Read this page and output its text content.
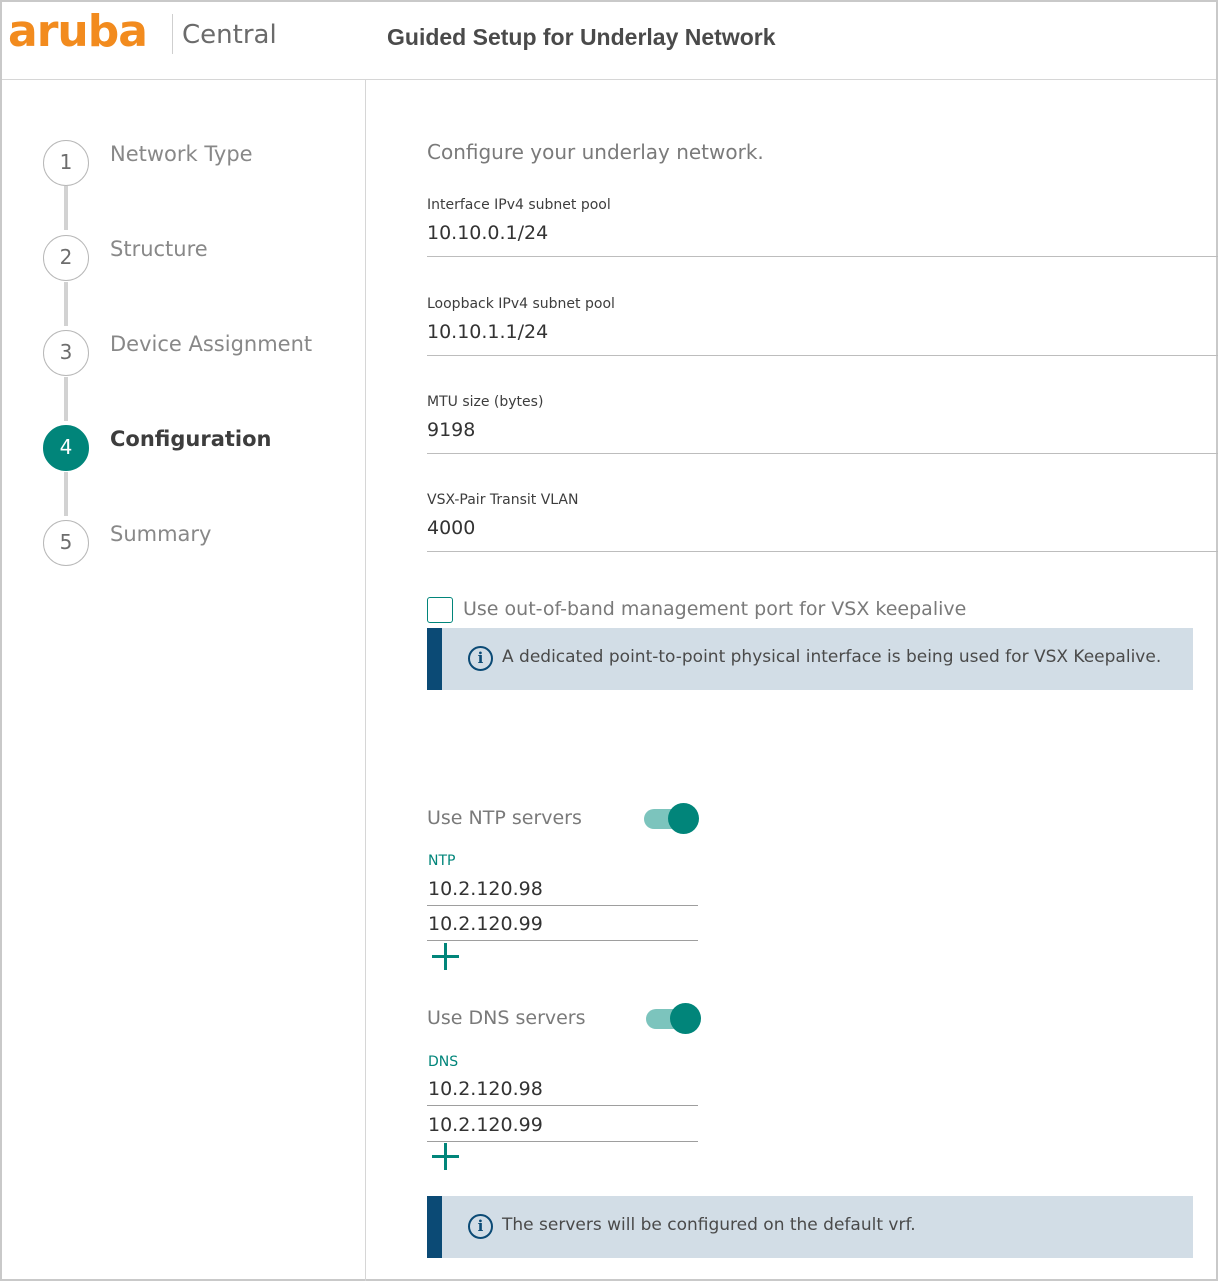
aruba Central	Guided Setup for Underlay Network
1	Network Type
2	Structure
3	Device Assignment
4	Configuration
5	Summary
Configure your underlay network.
Interface IPv4 subnet pool
10.10.0.1/24
Loopback IPv4 subnet pool
10.10.1.1/24
MTU size (bytes)
9198
VSX-Pair Transit VLAN
4000
Use out-of-band management port for VSX keepalive
i	A dedicated point-to-point physical interface is being used for VSX Keepalive.
Use NTP servers
NTP
10.2.120.98
10.2.120.99
Use DNS servers
DNS
10.2.120.98
10.2.120.99
i	The servers will be configured on the default vrf.
